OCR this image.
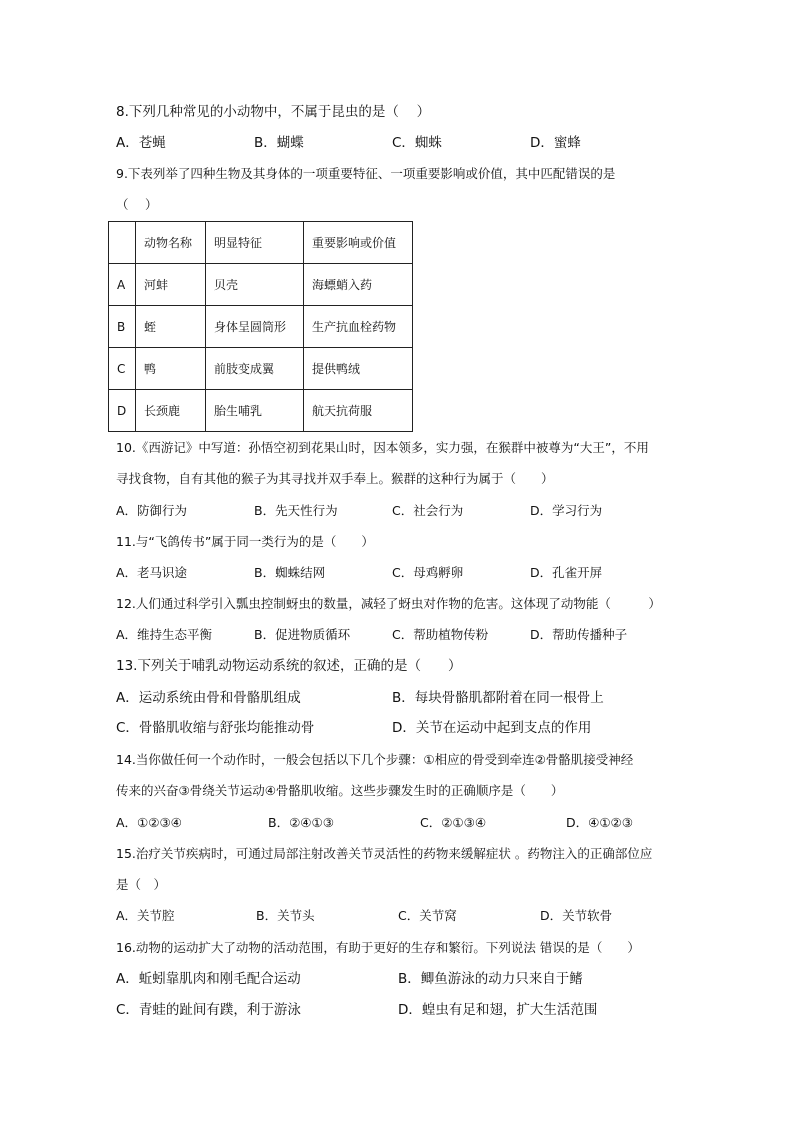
8.下列几种常见的小动物中，不属于昆虫的是（　 ）
A．苍蝇	B．蝴蝶	C．蜘蛛	D．蜜蜂
9.下表列举了四种生物及其身体的一项重要特征、一项重要影响或价值，其中匹配错误的是
（　 ）
	动物名称	明显特征	重要影响或价值
A	河蚌	贝壳	海螵蛸入药
B	蛭	身体呈圆筒形	生产抗血栓药物
C	鸭	前肢变成翼	提供鸭绒
D	长颈鹿	胎生哺乳	航天抗荷服
10.《西游记》中写道：孙悟空初到花果山时，因本领多，实力强，在猴群中被尊为“大王”，不用
寻找食物，自有其他的猴子为其寻找并双手奉上。猴群的这种行为属于（　　）
A．防御行为	B．先天性行为	C．社会行为	D．学习行为
11.与“飞鸽传书”属于同一类行为的是（　　）
A．老马识途	B．蜘蛛结网	C．母鸡孵卵	D．孔雀开屏
12.人们通过科学引入瓢虫控制蚜虫的数量，减轻了蚜虫对作物的危害。这体现了动物能（　　　）
A．维持生态平衡	B．促进物质循环	C．帮助植物传粉	D．帮助传播种子
13.下列关于哺乳动物运动系统的叙述，正确的是（　　）
A．运动系统由骨和骨骼肌组成	B．每块骨骼肌都附着在同一根骨上
C．骨骼肌收缩与舒张均能推动骨	D．关节在运动中起到支点的作用
14.当你做任何一个动作时，一般会包括以下几个步骤：①相应的骨受到牵连②骨骼肌接受神经
传来的兴奋③骨绕关节运动④骨骼肌收缩。这些步骤发生时的正确顺序是（　　）
A．①②③④	B．②④①③	C．②①③④	D．④①②③
15.治疗关节疾病时，可通过局部注射改善关节灵活性的药物来缓解症状 。药物注入的正确部位应
是（　）
A．关节腔	B．关节头	C．关节窝	D．关节软骨
16.动物的运动扩大了动物的活动范围，有助于更好的生存和繁衍。下列说法 错误的是（　　）
A．蚯蚓靠肌肉和刚毛配合运动	B．鲫鱼游泳的动力只来自于鳍
C．青蛙的趾间有蹼，利于游泳	D．蝗虫有足和翅，扩大生活范围
